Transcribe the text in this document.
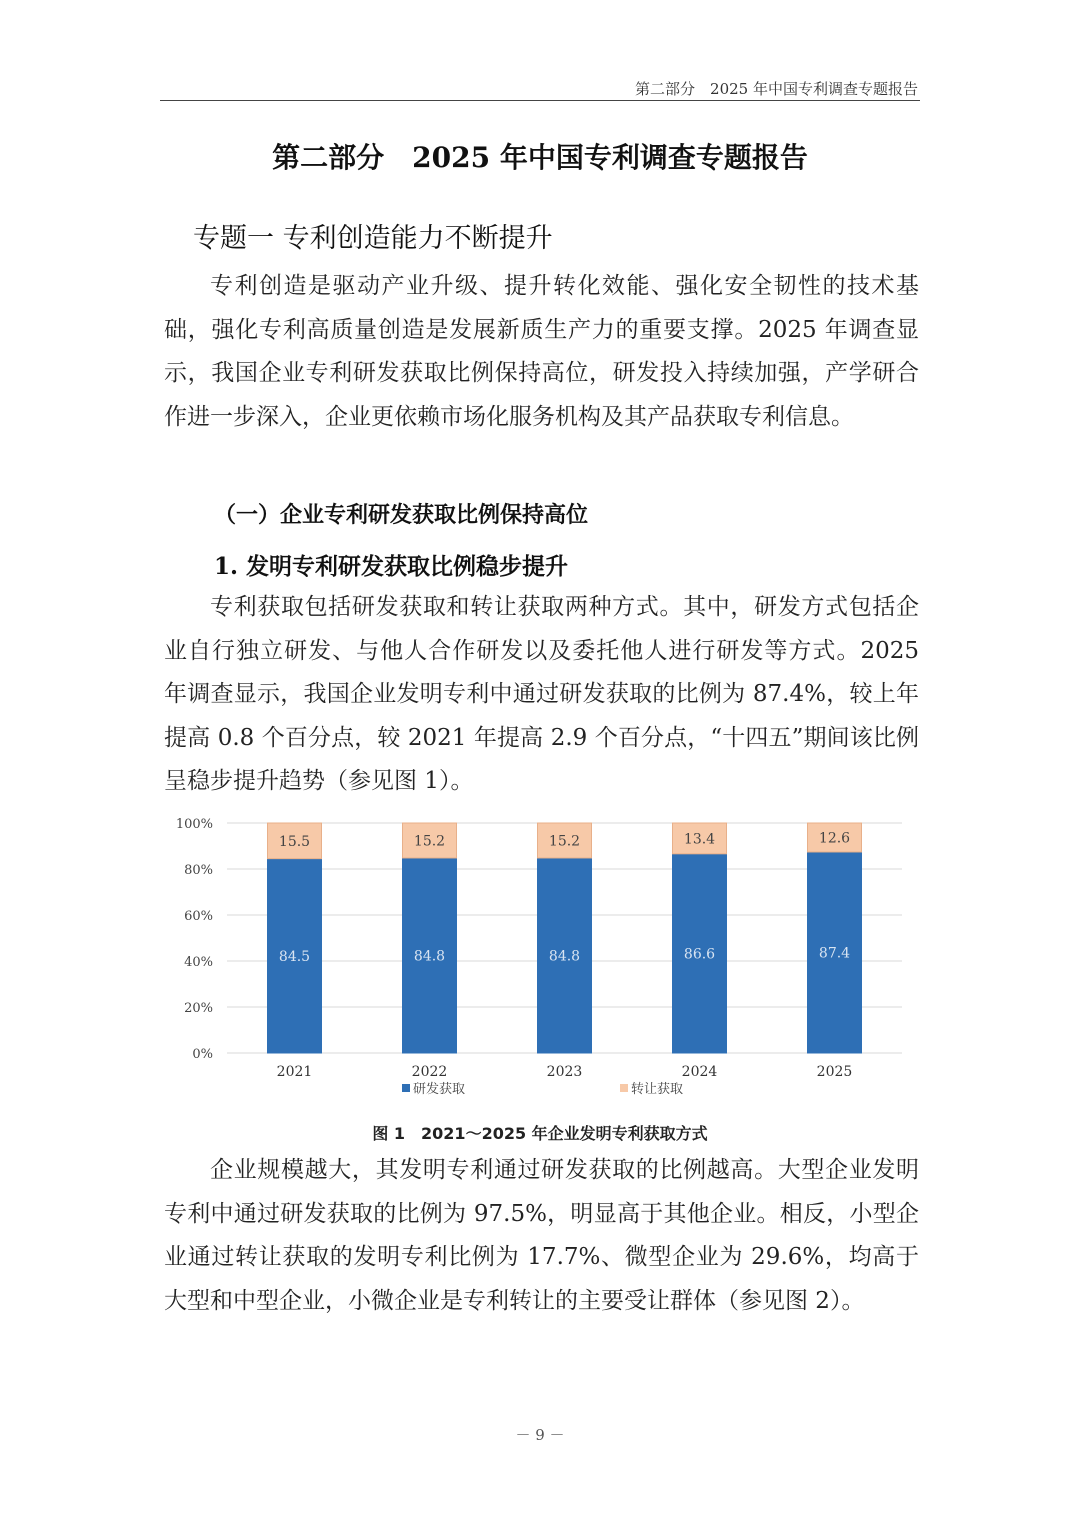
第二部分　2025 年中国专利调查专题报告
第二部分　2025 年中国专利调查专题报告
专题一 专利创造能力不断提升

专利创造是驱动产业升级、提升转化效能、强化安全韧性的技术基础，强化专利高质量创造是发展新质生产力的重要支撑。2025 年调查显示，我国企业专利研发获取比例保持高位，研发投入持续加强，产学研合作进一步深入，企业更依赖市场化服务机构及其产品获取专利信息。

（一）企业专利研发获取比例保持高位
1. 发明专利研发获取比例稳步提升

专利获取包括研发获取和转让获取两种方式。其中，研发方式包括企业自行独立研发、与他人合作研发以及委托他人进行研发等方式。2025 年调查显示，我国企业发明专利中通过研发获取的比例为 87.4%，较上年提高 0.8 个百分点，较 2021 年提高 2.9 个百分点，“十四五”期间该比例呈稳步提升趋势（参见图 1）。

0%
20%
40%
60%
80%
100%
84.5
15.5
2021
84.8
15.2
2022
84.8
15.2
2023
86.6
13.4
2024
87.4
12.6
2025
研发获取	转让获取
图 1　2021～2025 年企业发明专利获取方式

企业规模越大，其发明专利通过研发获取的比例越高。大型企业发明专利中通过研发获取的比例为 97.5%，明显高于其他企业。相反，小型企业通过转让获取的发明专利比例为 17.7%、微型企业为 29.6%，均高于大型和中型企业，小微企业是专利转让的主要受让群体（参见图 2）。

－ 9 －
